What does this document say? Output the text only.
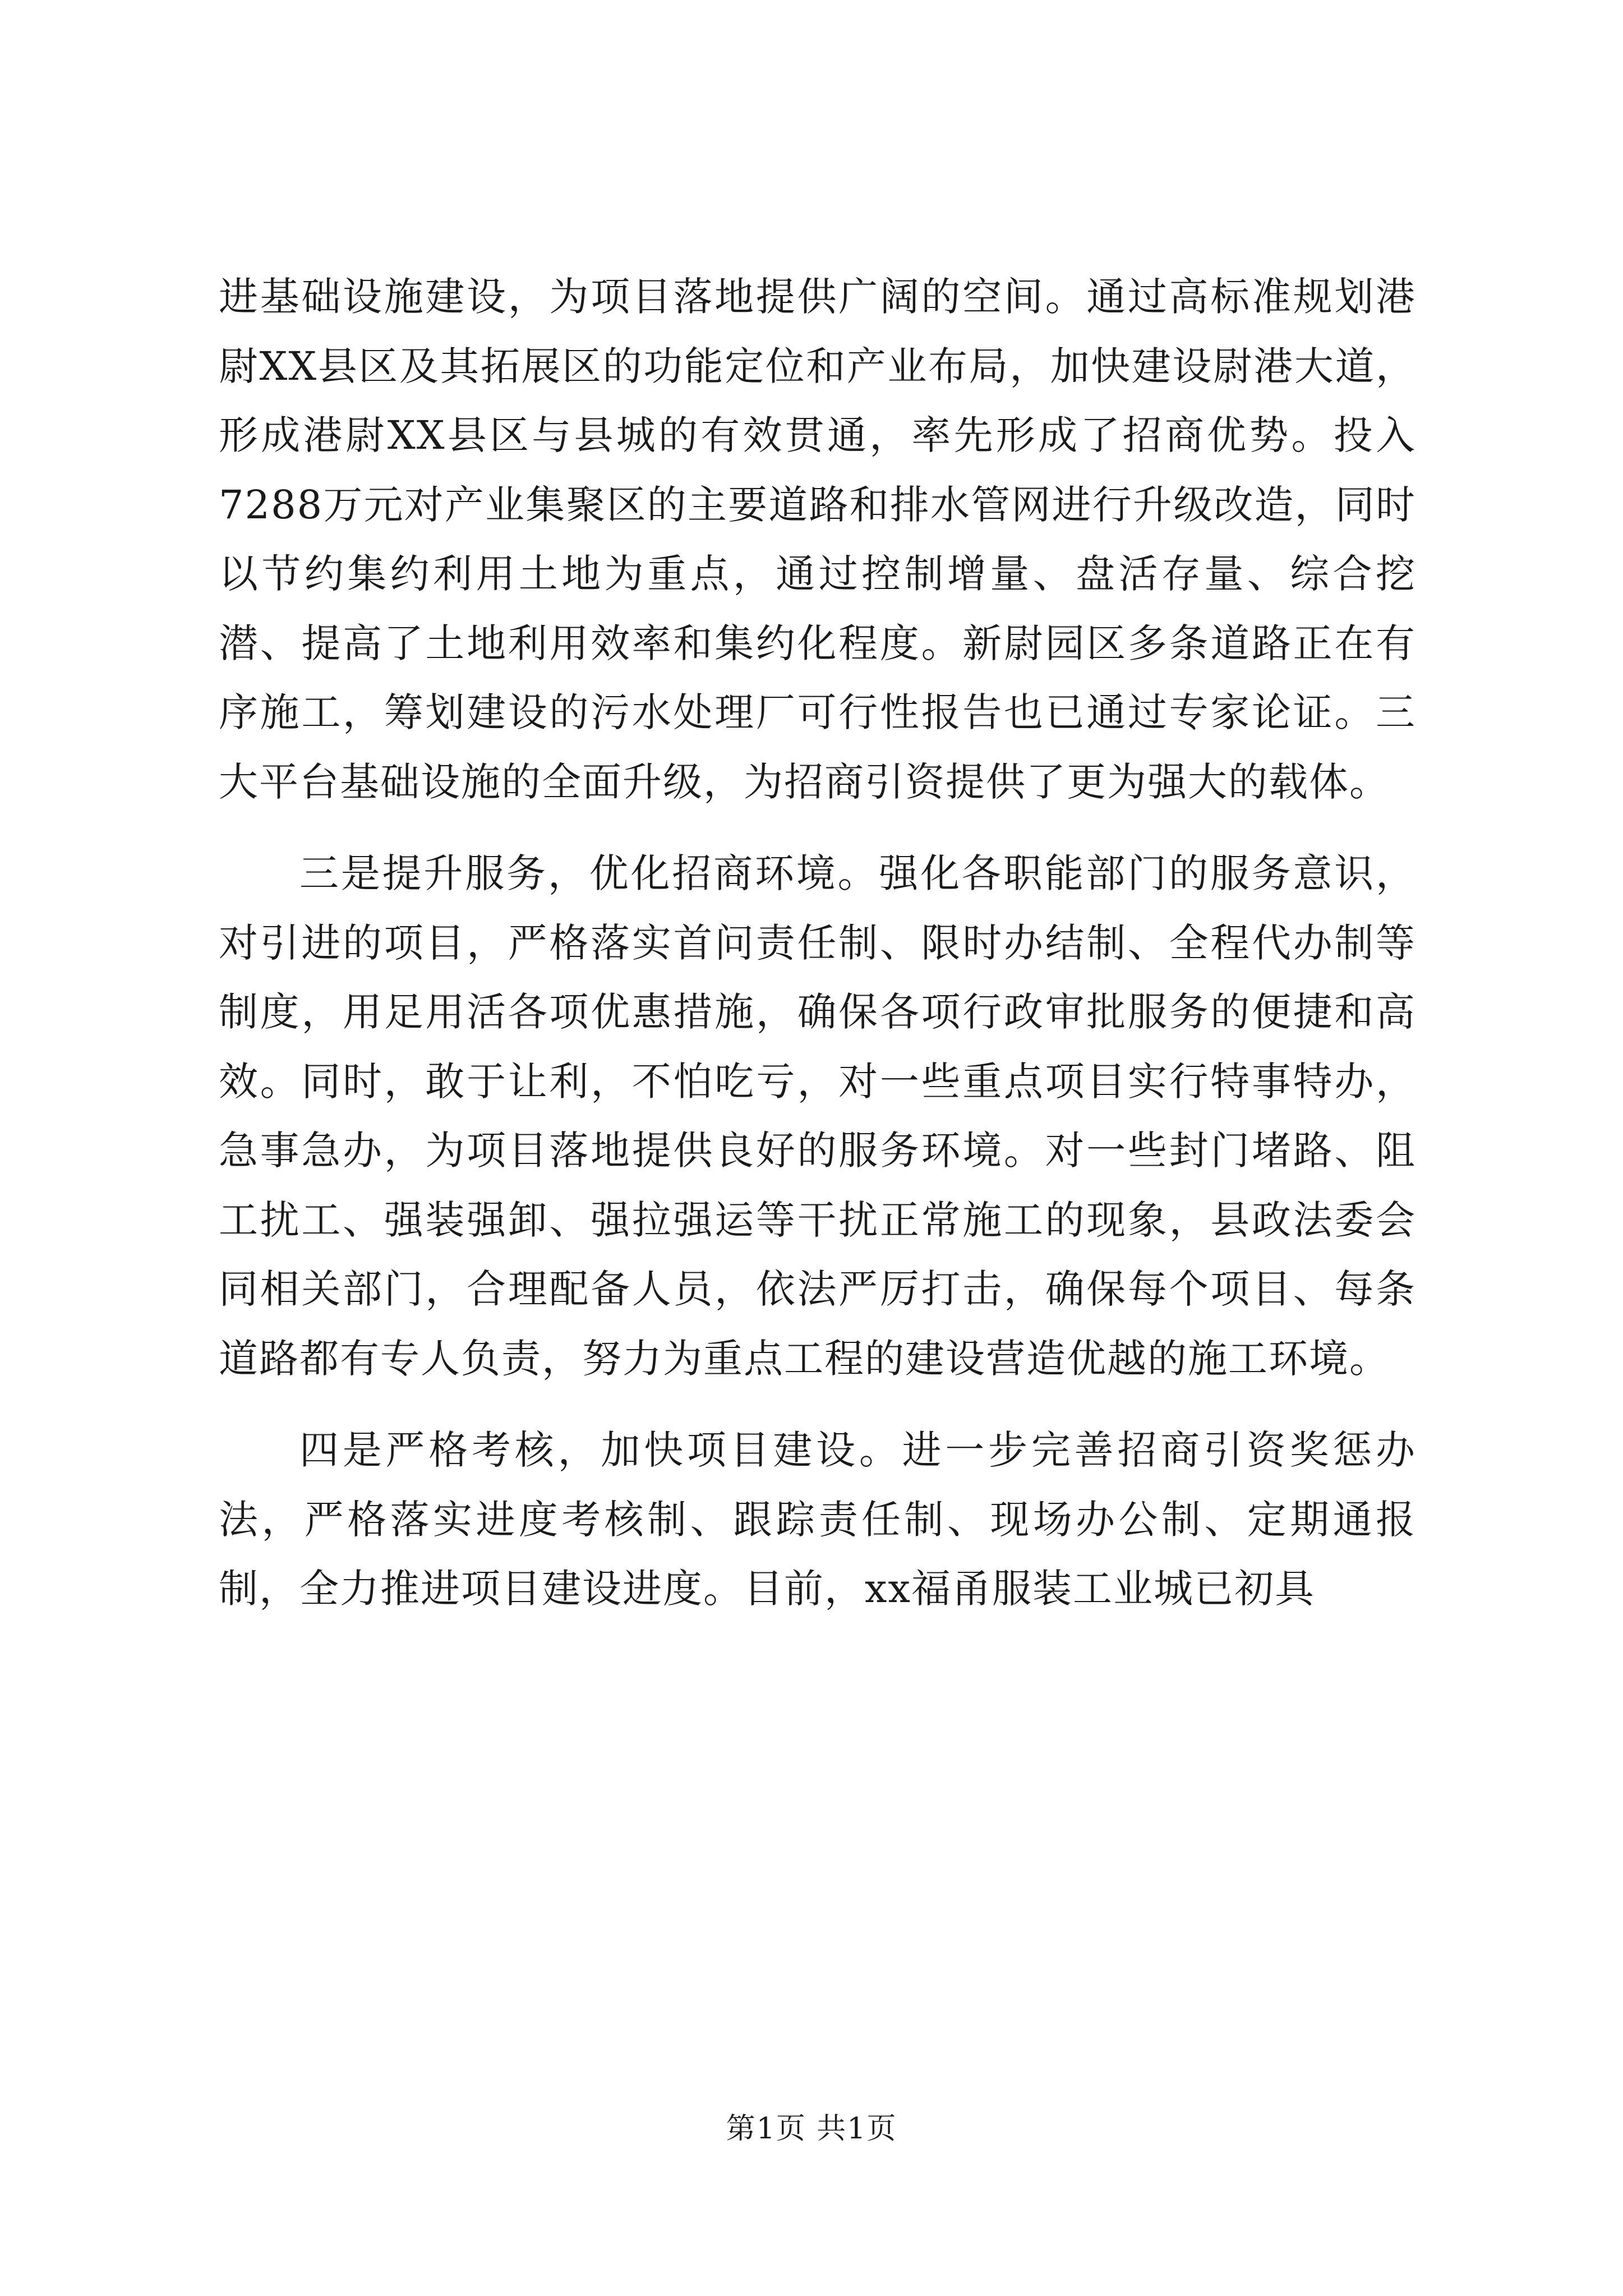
进基础设施建设，为项目落地提供广阔的空间。通过高标准规划港尉XX县区及其拓展区的功能定位和产业布局，加快建设尉港大道，形成港尉XX县区与县城的有效贯通，率先形成了招商优势。投入7288万元对产业集聚区的主要道路和排水管网进行升级改造，同时以节约集约利用土地为重点，通过控制增量、盘活存量、综合挖潜、提高了土地利用效率和集约化程度。新尉园区多条道路正在有序施工，筹划建设的污水处理厂可行性报告也已通过专家论证。三大平台基础设施的全面升级，为招商引资提供了更为强大的载体。

三是提升服务，优化招商环境。强化各职能部门的服务意识，对引进的项目，严格落实首问责任制、限时办结制、全程代办制等制度，用足用活各项优惠措施，确保各项行政审批服务的便捷和高效。同时，敢于让利，不怕吃亏，对一些重点项目实行特事特办，急事急办，为项目落地提供良好的服务环境。对一些封门堵路、阻工扰工、强装强卸、强拉强运等干扰正常施工的现象，县政法委会同相关部门，合理配备人员，依法严厉打击，确保每个项目、每条道路都有专人负责，努力为重点工程的建设营造优越的施工环境。

四是严格考核，加快项目建设。进一步完善招商引资奖惩办法，严格落实进度考核制、跟踪责任制、现场办公制、定期通报制，全力推进项目建设进度。目前，xx福甬服装工业城已初具

第1页 共1页
